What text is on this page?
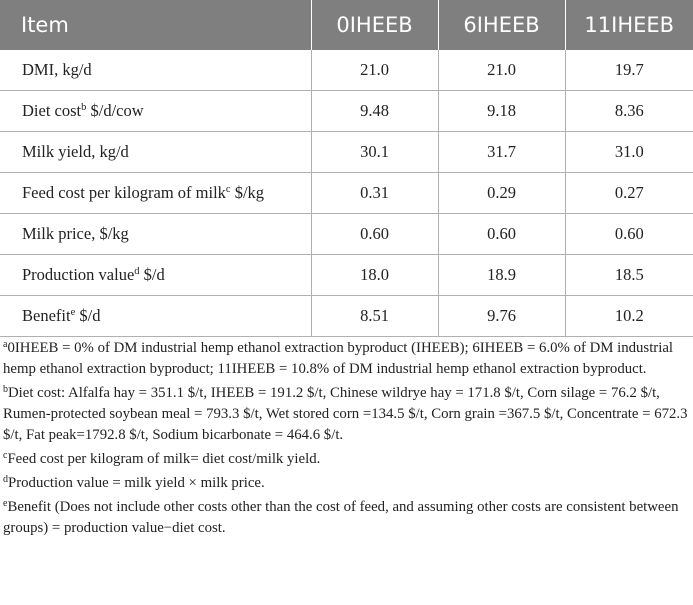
Item	0IHEEB	6IHEEB	11IHEEB
DMI, kg/d	21.0	21.0	19.7
Diet cost$^b$ $/d/cow	9.48	9.18	8.36
Milk yield, kg/d	30.1	31.7	31.0
Feed cost per kilogram of milk$^c$ $/kg	0.31	0.29	0.27
Milk price, $/kg	0.60	0.60	0.60
Production value$^d$ $/d	18.0	18.9	18.5
Benefit$^e$ $/d	8.51	9.76	10.2

$^a$0IHEEB = 0% of DM industrial hemp ethanol extraction byproduct (IHEEB); 6IHEEB = 6.0% of DM industrial hemp ethanol extraction byproduct; 11IHEEB = 10.8% of DM industrial hemp ethanol extraction byproduct.

$^b$Diet cost: Alfalfa hay = 351.1 $/t, IHEEB = 191.2 $/t, Chinese wildrye hay = 171.8 $/t, Corn silage = 76.2 $/t, Rumen-protected soybean meal = 793.3 $/t, Wet stored corn =134.5 $/t, Corn grain =367.5 $/t, Concentrate = 672.3 $/t, Fat peak=1792.8 $/t, Sodium bicarbonate = 464.6 $/t.

$^c$Feed cost per kilogram of milk= diet cost/milk yield.

$^d$Production value = milk yield × milk price.

$^e$Benefit (Does not include other costs other than the cost of feed, and assuming other costs are consistent between groups) = production value−diet cost.
